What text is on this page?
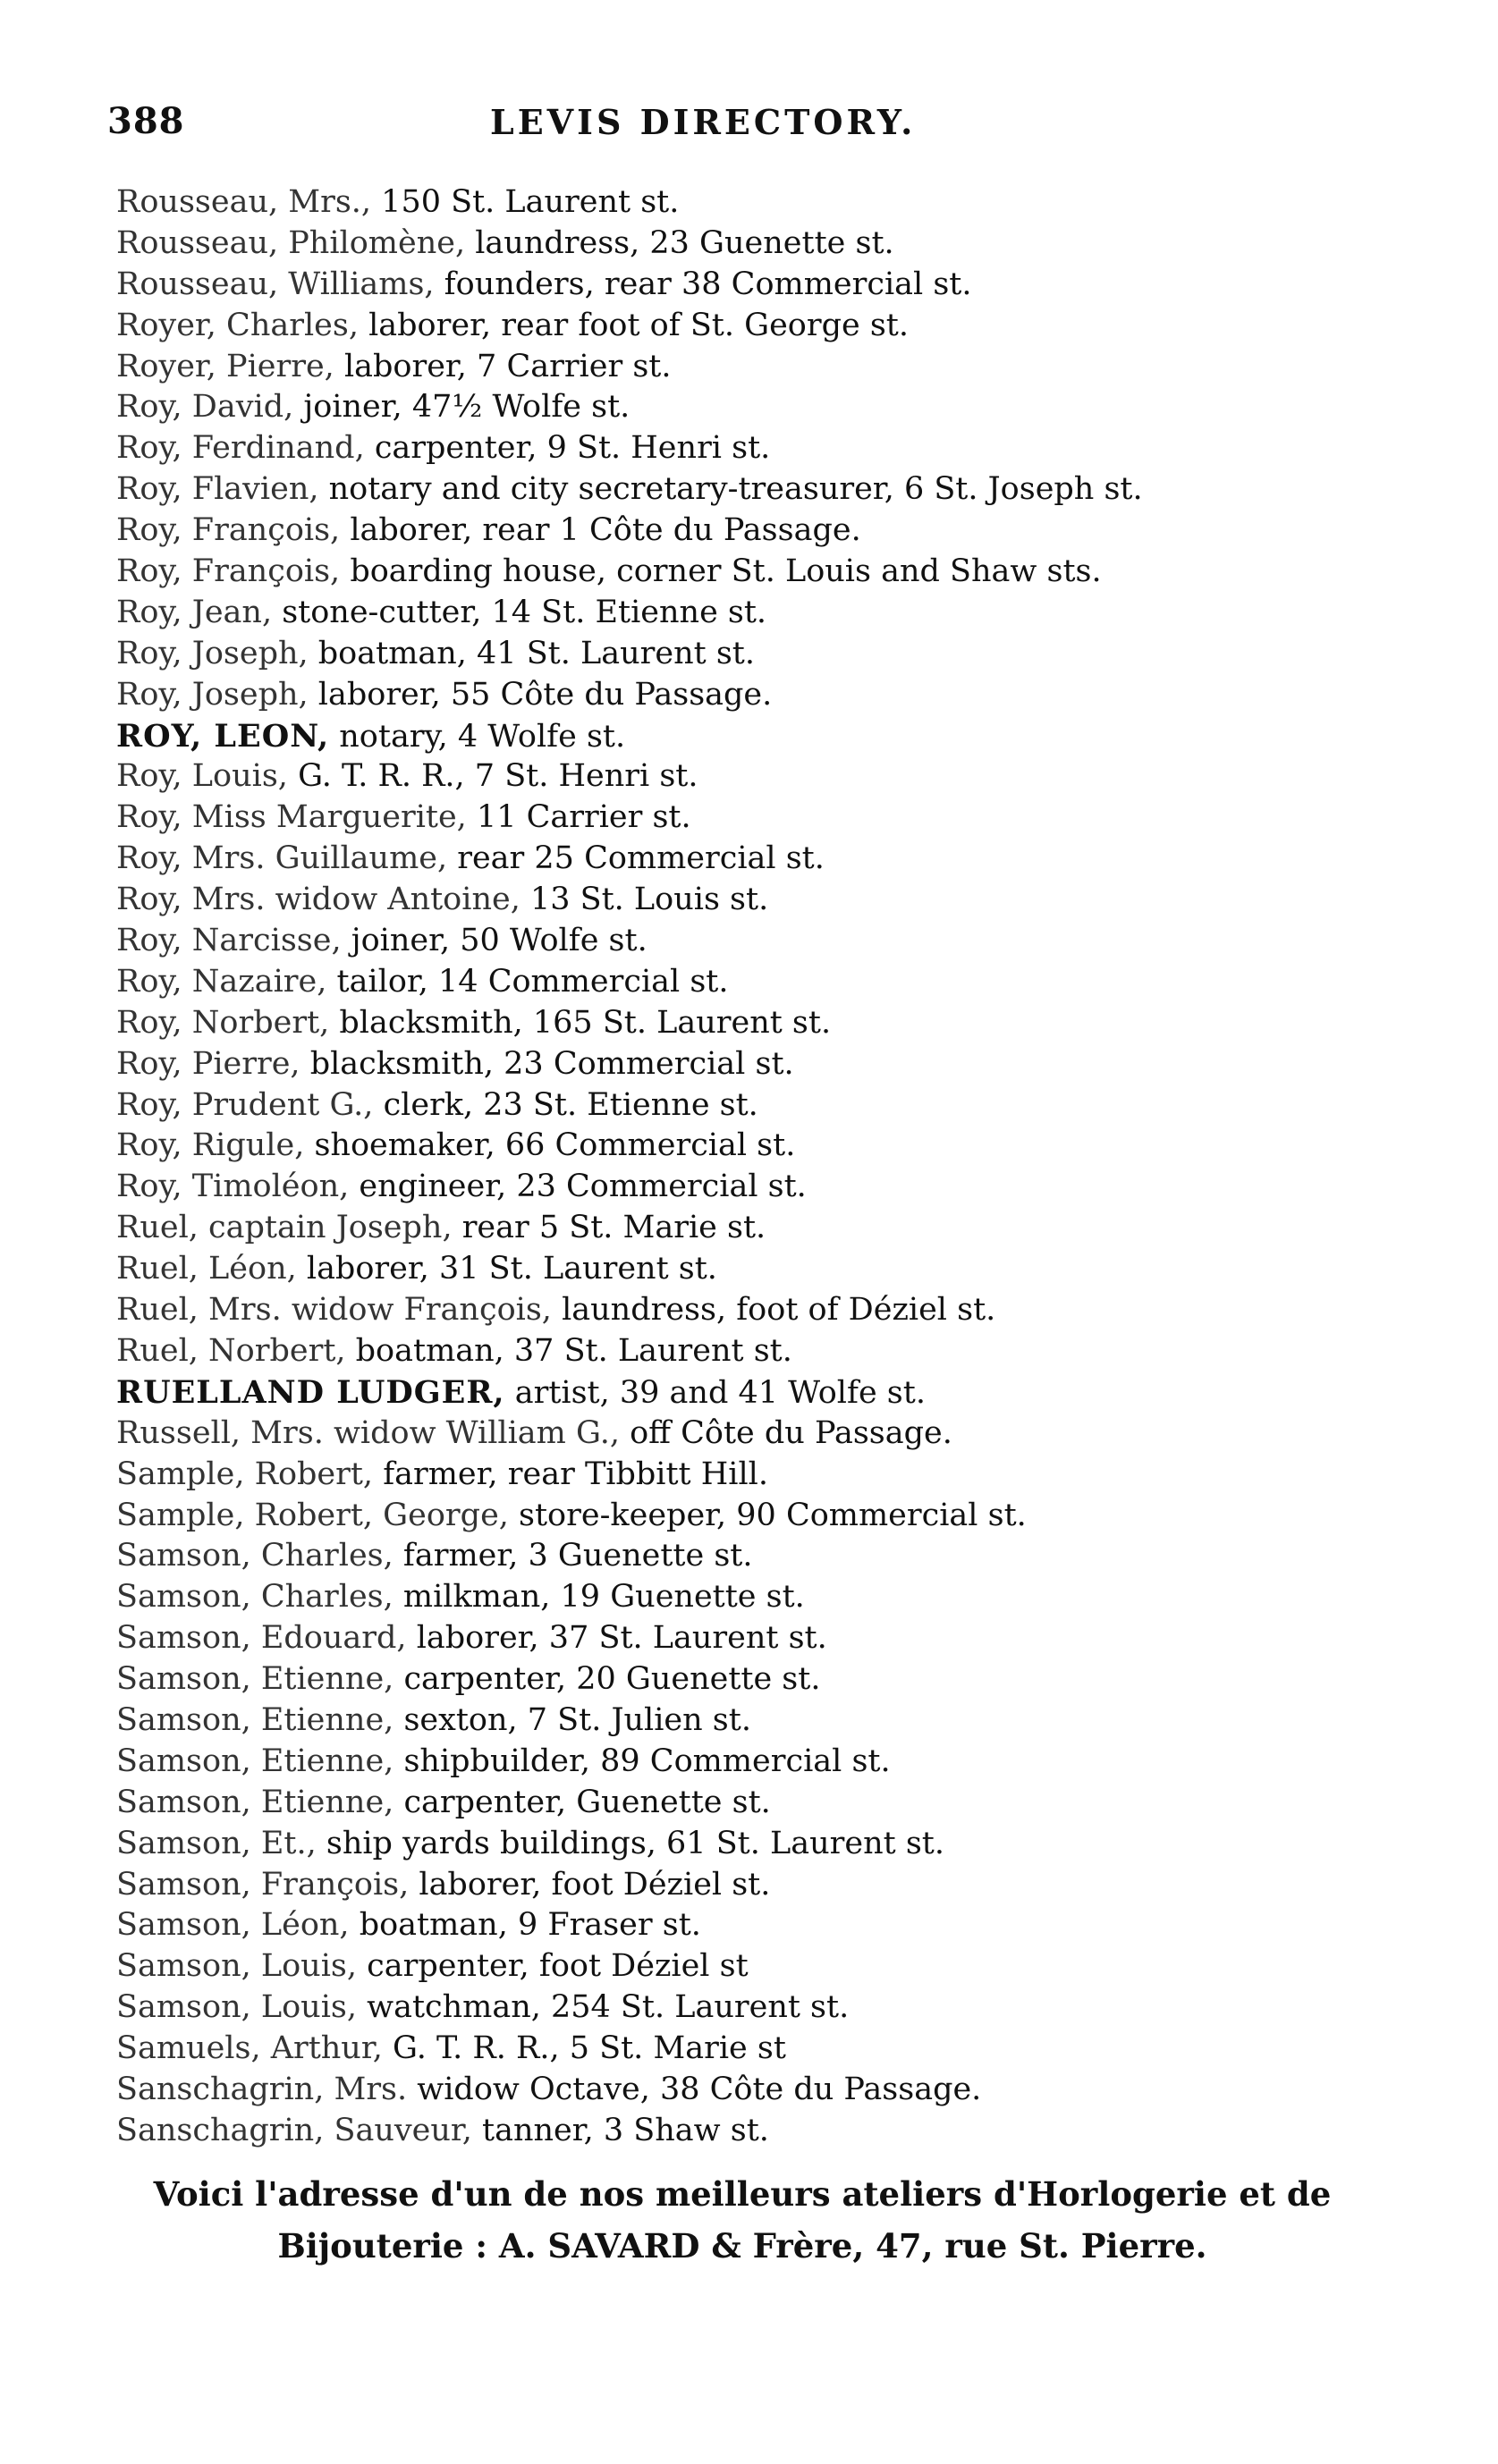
388	LEVIS DIRECTORY.
Rousseau, Mrs., 150 St. Laurent st.
Rousseau, Philomène, laundress, 23 Guenette st.
Rousseau, Williams, founders, rear 38 Commercial st.
Royer, Charles, laborer, rear foot of St. George st.
Royer, Pierre, laborer, 7 Carrier st.
Roy, David, joiner, 47½ Wolfe st.
Roy, Ferdinand, carpenter, 9 St. Henri st.
Roy, Flavien, notary and city secretary-treasurer, 6 St. Joseph st.
Roy, François, laborer, rear 1 Côte du Passage.
Roy, François, boarding house, corner St. Louis and Shaw sts.
Roy, Jean, stone-cutter, 14 St. Etienne st.
Roy, Joseph, boatman, 41 St. Laurent st.
Roy, Joseph, laborer, 55 Côte du Passage.
ROY, LEON, notary, 4 Wolfe st.
Roy, Louis, G. T. R. R., 7 St. Henri st.
Roy, Miss Marguerite, 11 Carrier st.
Roy, Mrs. Guillaume, rear 25 Commercial st.
Roy, Mrs. widow Antoine, 13 St. Louis st.
Roy, Narcisse, joiner, 50 Wolfe st.
Roy, Nazaire, tailor, 14 Commercial st.
Roy, Norbert, blacksmith, 165 St. Laurent st.
Roy, Pierre, blacksmith, 23 Commercial st.
Roy, Prudent G., clerk, 23 St. Etienne st.
Roy, Rigule, shoemaker, 66 Commercial st.
Roy, Timoléon, engineer, 23 Commercial st.
Ruel, captain Joseph, rear 5 St. Marie st.
Ruel, Léon, laborer, 31 St. Laurent st.
Ruel, Mrs. widow François, laundress, foot of Déziel st.
Ruel, Norbert, boatman, 37 St. Laurent st.
RUELLAND LUDGER, artist, 39 and 41 Wolfe st.
Russell, Mrs. widow William G., off Côte du Passage.
Sample, Robert, farmer, rear Tibbitt Hill.
Sample, Robert, George, store-keeper, 90 Commercial st.
Samson, Charles, farmer, 3 Guenette st.
Samson, Charles, milkman, 19 Guenette st.
Samson, Edouard, laborer, 37 St. Laurent st.
Samson, Etienne, carpenter, 20 Guenette st.
Samson, Etienne, sexton, 7 St. Julien st.
Samson, Etienne, shipbuilder, 89 Commercial st.
Samson, Etienne, carpenter, Guenette st.
Samson, Et., ship yards buildings, 61 St. Laurent st.
Samson, François, laborer, foot Déziel st.
Samson, Léon, boatman, 9 Fraser st.
Samson, Louis, carpenter, foot Déziel st
Samson, Louis, watchman, 254 St. Laurent st.
Samuels, Arthur, G. T. R. R., 5 St. Marie st
Sanschagrin, Mrs. widow Octave, 38 Côte du Passage.
Sanschagrin, Sauveur, tanner, 3 Shaw st.
Voici l'adresse d'un de nos meilleurs ateliers d'Horlogerie et de
Bijouterie : A. SAVARD & Frère, 47, rue St. Pierre.
